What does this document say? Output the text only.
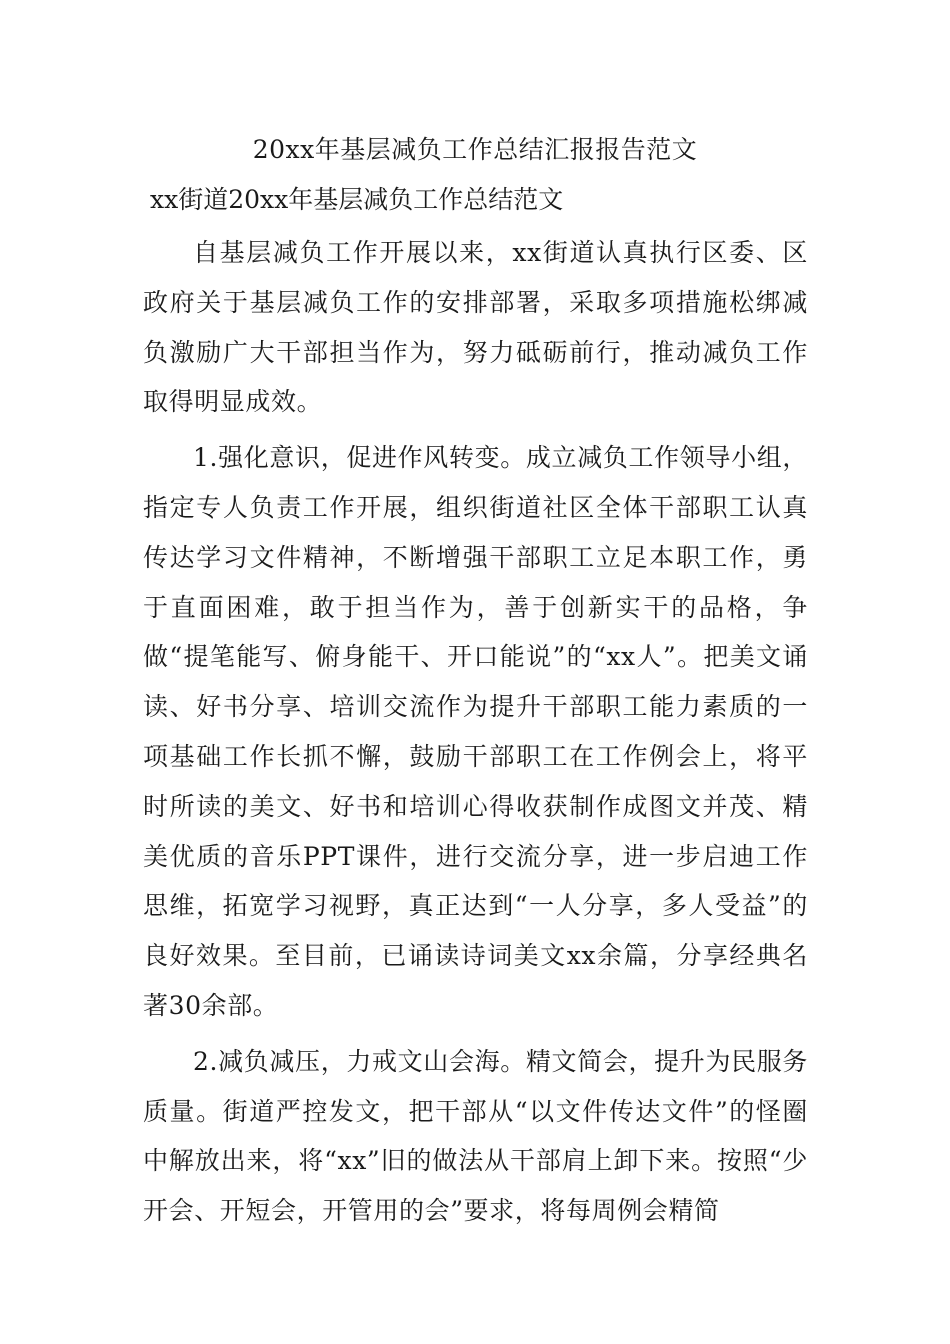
20xx年基层减负工作总结汇报报告范文
xx街道20xx年基层减负工作总结范文

自基层减负工作开展以来，xx街道认真执行区委、区政府关于基层减负工作的安排部署，采取多项措施松绑减负激励广大干部担当作为，努力砥砺前行，推动减负工作取得明显成效。

1.强化意识，促进作风转变。成立减负工作领导小组，指定专人负责工作开展，组织街道社区全体干部职工认真传达学习文件精神，不断增强干部职工立足本职工作，勇于直面困难，敢于担当作为，善于创新实干的品格，争做“提笔能写、俯身能干、开口能说”的“xx人”。把美文诵读、好书分享、培训交流作为提升干部职工能力素质的一项基础工作长抓不懈，鼓励干部职工在工作例会上，将平时所读的美文、好书和培训心得收获制作成图文并茂、精美优质的音乐PPT课件，进行交流分享，进一步启迪工作思维，拓宽学习视野，真正达到“一人分享，多人受益”的良好效果。至目前，已诵读诗词美文xx余篇，分享经典名著30余部。

2.减负减压，力戒文山会海。精文简会，提升为民服务质量。街道严控发文，把干部从“以文件传达文件”的怪圈中解放出来，将“xx”旧的做法从干部肩上卸下来。按照“少开会、开短会，开管用的会”要求，将每周例会精简
